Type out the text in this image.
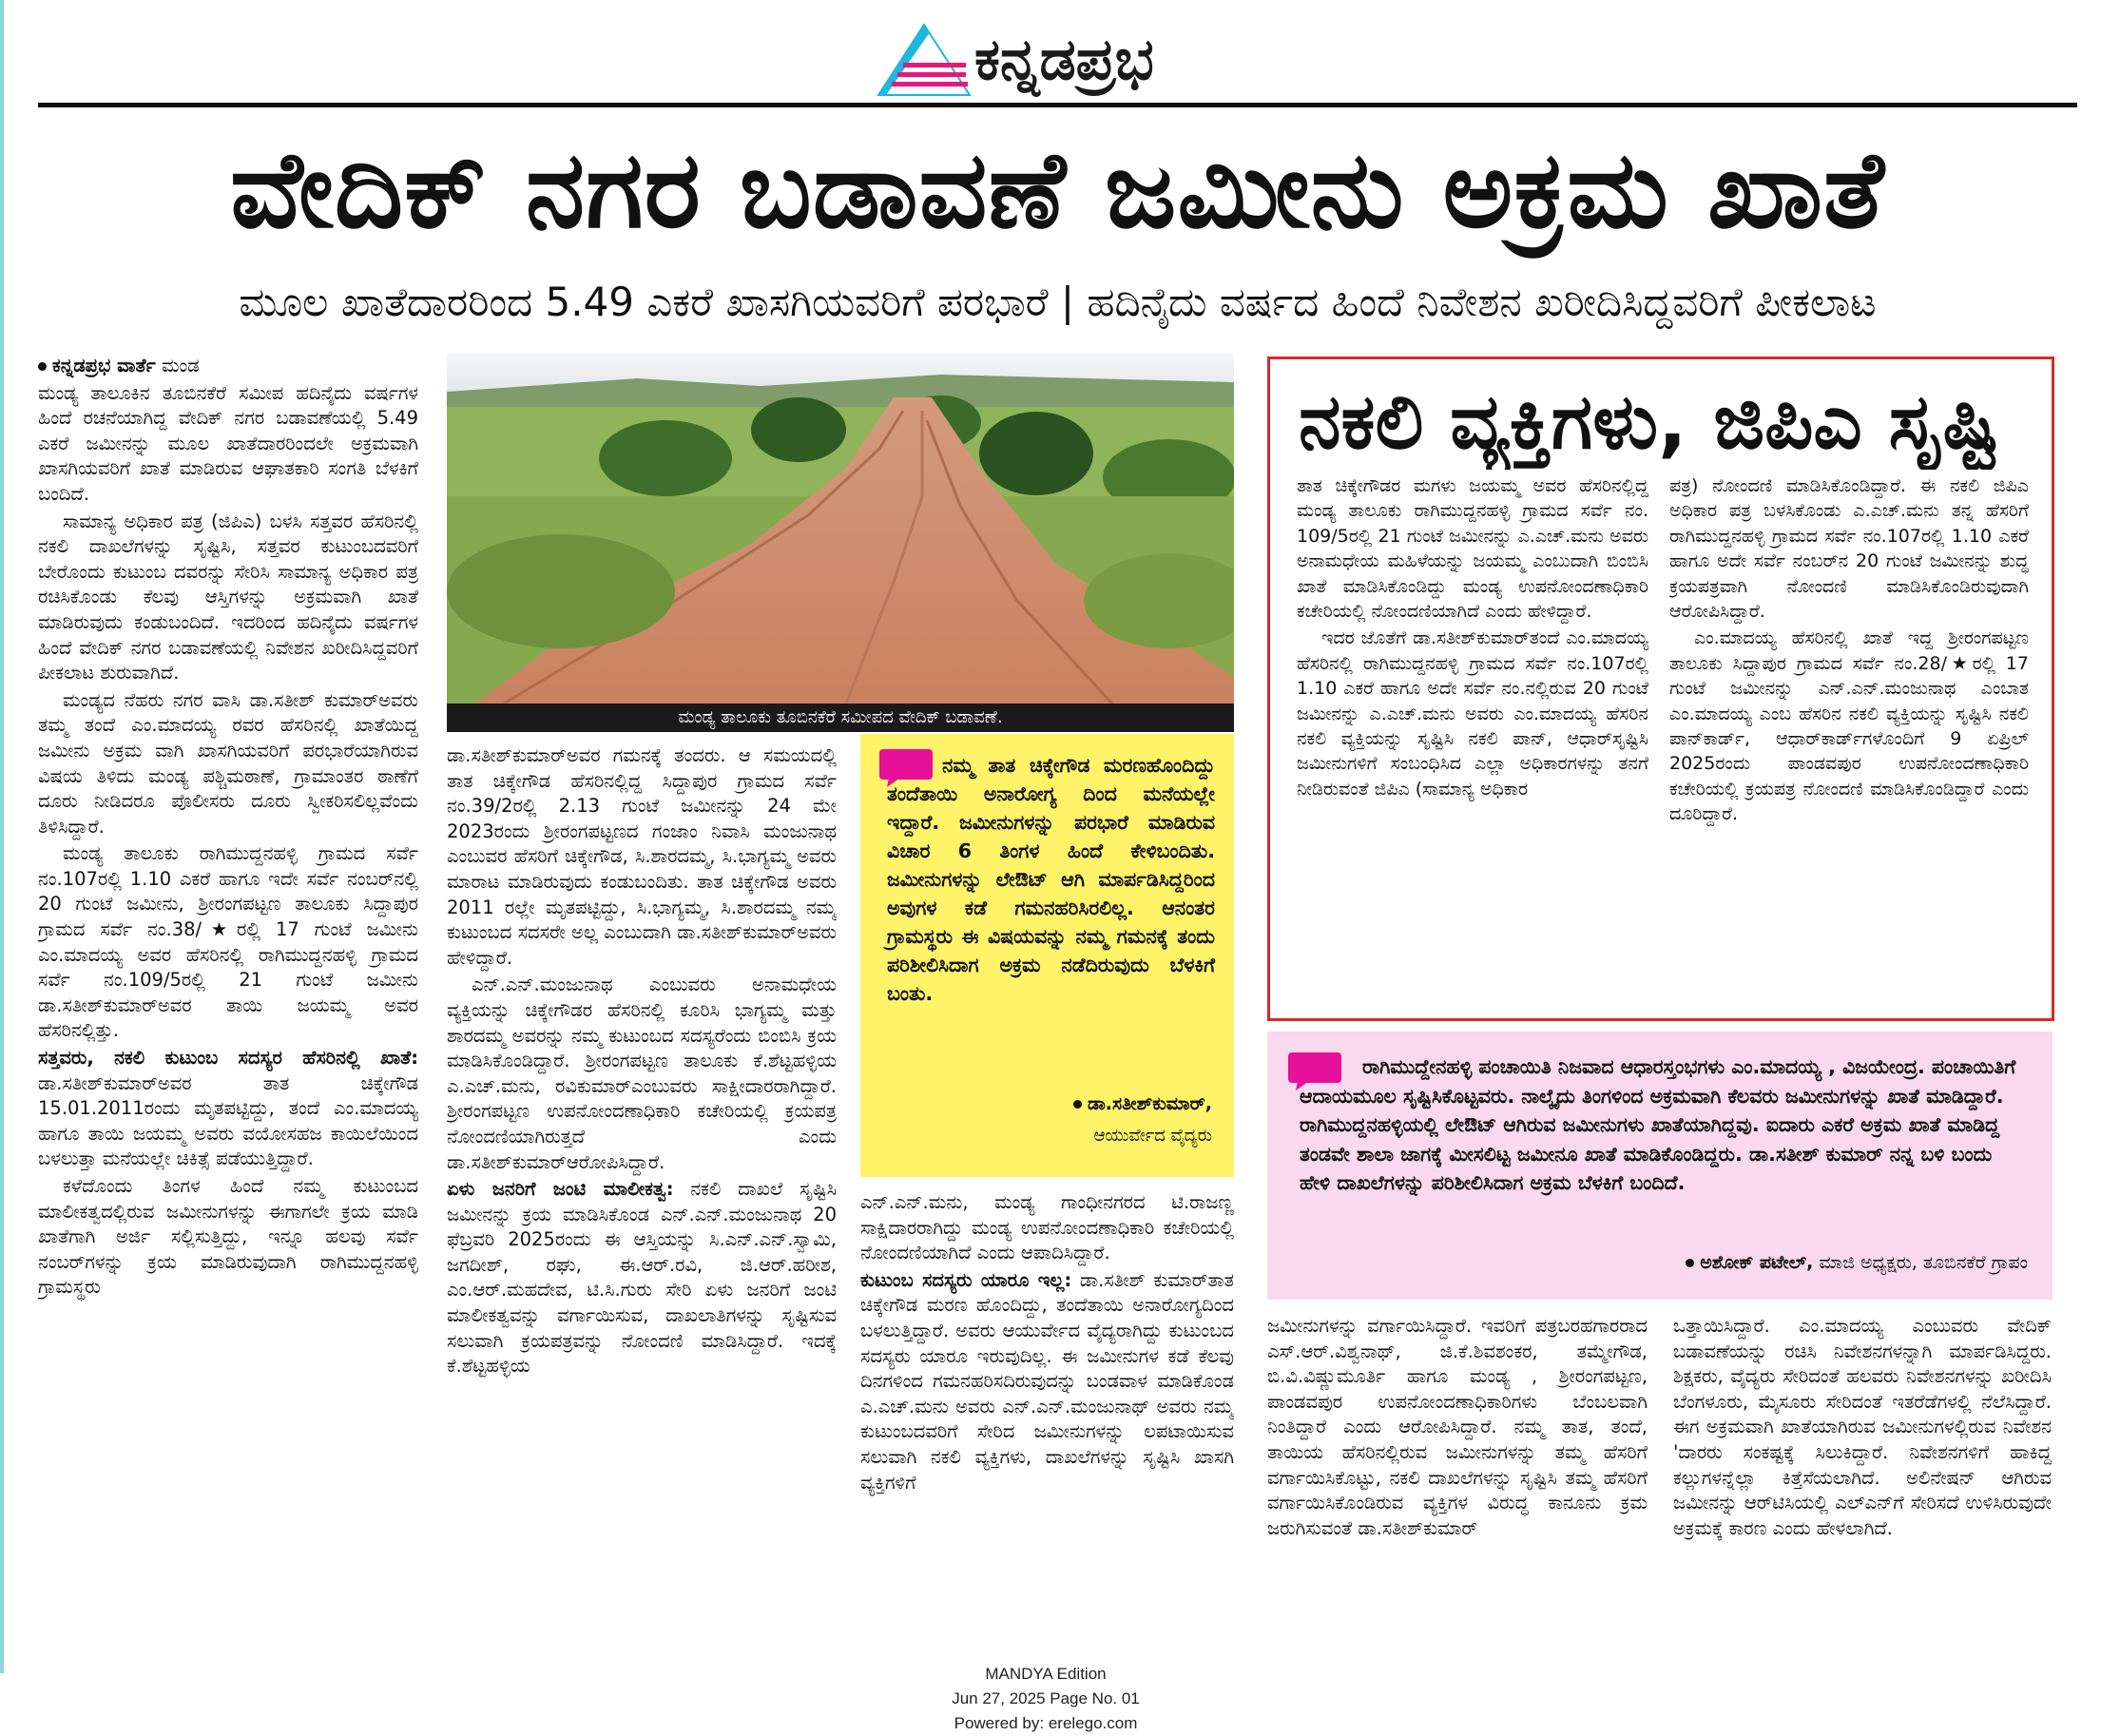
ಕನ್ನಡಪ್ರಭ
ವೇದಿಕ್ ನಗರ ಬಡಾವಣೆ ಜಮೀನು ಅಕ್ರಮ ಖಾತೆ
ಮೂಲ ಖಾತೆದಾರರಿಂದ 5.49 ಎಕರೆ ಖಾಸಗಿಯವರಿಗೆ ಪರಭಾರೆ | ಹದಿನೈದು ವರ್ಷದ ಹಿಂದೆ ನಿವೇಶನ ಖರೀದಿಸಿದ್ದವರಿಗೆ ಪೀಕಲಾಟ

ಕನ್ನಡಪ್ರಭ ವಾರ್ತೆ ಮಂಡ

ಮಂಡ್ಯ ತಾಲೂಕಿನ ತೂಬಿನಕೆರೆ ಸಮೀಪ ಹದಿನೈದು ವರ್ಷಗಳ ಹಿಂದೆ ರಚನೆಯಾಗಿದ್ದ ವೇದಿಕ್ ನಗರ ಬಡಾವಣೆಯಲ್ಲಿ 5.49 ಎಕರೆ ಜಮೀನನ್ನು ಮೂಲ ಖಾತೆದಾರರಿಂದಲೇ ಅಕ್ರಮವಾಗಿ ಖಾಸಗಿಯವರಿಗೆ ಖಾತೆ ಮಾಡಿರುವ ಆಘಾತಕಾರಿ ಸಂಗತಿ ಬೆಳಕಿಗೆ ಬಂದಿದೆ.

ಸಾಮಾನ್ಯ ಅಧಿಕಾರ ಪತ್ರ (ಜಿಪಿಎ) ಬಳಸಿ ಸತ್ತವರ ಹೆಸರಿನಲ್ಲಿ ನಕಲಿ ದಾಖಲೆಗಳನ್ನು ಸೃಷ್ಟಿಸಿ, ಸತ್ತವರ ಕುಟುಂಬದವರಿಗೆ ಬೇರೊಂದು ಕುಟುಂಬ ದವರನ್ನು ಸೇರಿಸಿ ಸಾಮಾನ್ಯ ಅಧಿಕಾರ ಪತ್ರ ರಚಿಸಿಕೊಂಡು ಕೆಲವು ಆಸ್ತಿಗಳನ್ನು ಅಕ್ರಮವಾಗಿ ಖಾತೆ ಮಾಡಿರುವುದು ಕಂಡುಬಂದಿದೆ. ಇದರಿಂದ ಹದಿನೈದು ವರ್ಷಗಳ ಹಿಂದೆ ವೇದಿಕ್ ನಗರ ಬಡಾವಣೆಯಲ್ಲಿ ನಿವೇಶನ ಖರೀದಿಸಿದ್ದವರಿಗೆ ಪೀಕಲಾಟ ಶುರುವಾಗಿದೆ.

ಮಂಡ್ಯದ ನೆಹರು ನಗರ ವಾಸಿ ಡಾ.ಸತೀಶ್ ಕುಮಾರ್‌ಅವರು ತಮ್ಮ ತಂದೆ ಎಂ.ಮಾದಯ್ಯ ರವರ ಹೆಸರಿನಲ್ಲಿ ಖಾತೆಯಿದ್ದ ಜಮೀನು ಅಕ್ರಮ ವಾಗಿ ಖಾಸಗಿಯವರಿಗೆ ಪರಭಾರೆಯಾಗಿರುವ ವಿಷಯ ತಿಳಿದು ಮಂಡ್ಯ ಪಶ್ಚಿಮಠಾಣೆ, ಗ್ರಾಮಾಂತರ ಠಾಣೆಗೆ ದೂರು ನೀಡಿದರೂ ಪೊಲೀಸರು ದೂರು ಸ್ವೀಕರಿಸಲಿಲ್ಲವೆಂದು ತಿಳಿಸಿದ್ದಾರೆ.

ಮಂಡ್ಯ ತಾಲೂಕು ರಾಗಿಮುದ್ದನಹಳ್ಳಿ ಗ್ರಾಮದ ಸರ್ವೆ ನಂ.107ರಲ್ಲಿ 1.10 ಎಕರೆ ಹಾಗೂ ಇದೇ ಸರ್ವೆ ನಂಬರ್‌ನಲ್ಲಿ 20 ಗುಂಟೆ ಜಮೀನು, ಶ್ರೀರಂಗಪಟ್ಟಣ ತಾಲೂಕು ಸಿದ್ದಾಪುರ ಗ್ರಾಮದ ಸರ್ವೆ ನಂ.38/★ರಲ್ಲಿ 17 ಗುಂಟೆ ಜಮೀನು ಎಂ.ಮಾದಯ್ಯ ಅವರ ಹೆಸರಿನಲ್ಲಿ ರಾಗಿಮುದ್ದನಹಳ್ಳಿ ಗ್ರಾಮದ ಸರ್ವೆ ನಂ.109/5ರಲ್ಲಿ 21 ಗುಂಟೆ ಜಮೀನು ಡಾ.ಸತೀಶ್‌ಕುಮಾರ್‌ಅವರ ತಾಯಿ ಜಯಮ್ಮ ಅವರ ಹೆಸರಿನಲ್ಲಿತ್ತು.

ಸತ್ತವರು, ನಕಲಿ ಕುಟುಂಬ ಸದಸ್ಯರ ಹೆಸರಿನಲ್ಲಿ ಖಾತೆ: ಡಾ.ಸತೀಶ್‌ಕುಮಾರ್‌ಅವರ ತಾತ ಚಿಕ್ಕೇಗೌಡ 15.01.2011ರಂದು ಮೃತಪಟ್ಟಿದ್ದು, ತಂದೆ ಎಂ.ಮಾದಯ್ಯ ಹಾಗೂ ತಾಯಿ ಜಯಮ್ಮ ಅವರು ವಯೋಸಹಜ ಕಾಯಿಲೆಯಿಂದ ಬಳಲುತ್ತಾ ಮನೆಯಲ್ಲೇ ಚಿಕಿತ್ಸೆ ಪಡೆಯುತ್ತಿದ್ದಾರೆ.

ಕಳೆದೊಂದು ತಿಂಗಳ ಹಿಂದೆ ನಮ್ಮ ಕುಟುಂಬದ ಮಾಲೀಕತ್ವದಲ್ಲಿರುವ ಜಮೀನುಗಳನ್ನು ಈಗಾಗಲೇ ಕ್ರಯ ಮಾಡಿ ಖಾತೆಗಾಗಿ ಅರ್ಜಿ ಸಲ್ಲಿಸುತ್ತಿದ್ದು, ಇನ್ನೂ ಹಲವು ಸರ್ವೆ ನಂಬರ್‌ಗಳನ್ನು ಕ್ರಯ ಮಾಡಿರುವುದಾಗಿ ರಾಗಿಮುದ್ದನಹಳ್ಳಿ ಗ್ರಾಮಸ್ಥರು

ಮಂಡ್ಯ ತಾಲೂಕು ತೂಬಿನಕೆರೆ ಸಮೀಪದ ವೇದಿಕ್ ಬಡಾವಣೆ.

ಡಾ.ಸತೀಶ್‌ಕುಮಾರ್‌ಅವರ ಗಮನಕ್ಕೆ ತಂದರು. ಆ ಸಮಯದಲ್ಲಿ ತಾತ ಚಿಕ್ಕೇಗೌಡ ಹೆಸರಿನಲ್ಲಿದ್ದ ಸಿದ್ದಾಪುರ ಗ್ರಾಮದ ಸರ್ವೆ ನಂ.39/2ರಲ್ಲಿ 2.13 ಗುಂಟೆ ಜಮೀನನ್ನು 24 ಮೇ 2023ರಂದು ಶ್ರೀರಂಗಪಟ್ಟಣದ ಗಂಜಾಂ ನಿವಾಸಿ ಮಂಜುನಾಥ ಎಂಬುವರ ಹೆಸರಿಗೆ ಚಿಕ್ಕೇಗೌಡ, ಸಿ.ಶಾರದಮ್ಮ, ಸಿ.ಭಾಗ್ಯಮ್ಮ ಅವರು ಮಾರಾಟ ಮಾಡಿರುವುದು ಕಂಡುಬಂದಿತು. ತಾತ ಚಿಕ್ಕೇಗೌಡ ಅವರು 2011 ರಲ್ಲೇ ಮೃತಪಟ್ಟಿದ್ದು, ಸಿ.ಭಾಗ್ಯಮ್ಮ, ಸಿ.ಶಾರದಮ್ಮ ನಮ್ಮ ಕುಟುಂಬದ ಸದಸರೇ ಅಲ್ಲ ಎಂಬುದಾಗಿ ಡಾ.ಸತೀಶ್‌ಕುಮಾರ್‌ಅವರು ಹೇಳಿದ್ದಾರೆ.

ಎನ್.ಎನ್.ಮಂಜುನಾಥ ಎಂಬುವರು ಅನಾಮಧೇಯ ವ್ಯಕ್ತಿಯನ್ನು ಚಿಕ್ಕೇಗೌಡರ ಹೆಸರಿನಲ್ಲಿ ಕೂರಿಸಿ ಭಾಗ್ಯಮ್ಮ ಮತ್ತು ಶಾರದಮ್ಮ ಅವರನ್ನು ನಮ್ಮ ಕುಟುಂಬದ ಸದಸ್ಯರೆಂದು ಬಿಂಬಿಸಿ ಕ್ರಯ ಮಾಡಿಸಿಕೊಂಡಿದ್ದಾರೆ. ಶ್ರೀರಂಗಪಟ್ಟಣ ತಾಲೂಕು ಕೆ.ಶೆಟ್ಟಹಳ್ಳಿಯ ಎ.ಎಚ್.ಮನು, ರವಿಕುಮಾರ್‌ಎಂಬುವರು ಸಾಕ್ಷೀದಾರರಾಗಿದ್ದಾರೆ. ಶ್ರೀರಂಗಪಟ್ಟಣ ಉಪನೋಂದಣಾಧಿಕಾರಿ ಕಚೇರಿಯಲ್ಲಿ ಕ್ರಯಪತ್ರ ನೋಂದಣಿಯಾಗಿರುತ್ತದೆ ಎಂದು ಡಾ.ಸತೀಶ್‌ಕುಮಾರ್‌ಆರೋಪಿಸಿದ್ದಾರೆ.

ಏಳು ಜನರಿಗೆ ಜಂಟಿ ಮಾಲೀಕತ್ವ: ನಕಲಿ ದಾಖಲೆ ಸೃಷ್ಟಿಸಿ ಜಮೀನನ್ನು ಕ್ರಯ ಮಾಡಿಸಿಕೊಂಡ ಎನ್.ಎನ್.ಮಂಜುನಾಥ 20 ಫೆಬ್ರವರಿ 2025ರಂದು ಈ ಆಸ್ತಿಯನ್ನು ಸಿ.ಎನ್.ಎನ್.ಸ್ವಾಮಿ, ಜಗದೀಶ್, ರಘು, ಈ.ಆರ್.ರವಿ, ಜಿ.ಆರ್.ಹರೀಶ, ಎಂ.ಆರ್.ಮಹದೇವ, ಟಿ.ಸಿ.ಗುರು ಸೇರಿ ಏಳು ಜನರಿಗೆ ಜಂಟಿ ಮಾಲೀಕತ್ವವನ್ನು ವರ್ಗಾಯಿಸುವ, ದಾಖಲಾತಿಗಳನ್ನು ಸೃಷ್ಟಿಸುವ ಸಲುವಾಗಿ ಕ್ರಯಪತ್ರವನ್ನು ನೋಂದಣಿ ಮಾಡಿಸಿದ್ದಾರೆ. ಇದಕ್ಕೆ ಕೆ.ಶೆಟ್ಟಹಳ್ಳಿಯ

ನಮ್ಮ ತಾತ ಚಿಕ್ಕೇಗೌಡ ಮರಣಹೊಂದಿದ್ದು ತಂದೆತಾಯಿ ಅನಾರೋಗ್ಯ ದಿಂದ ಮನೆಯಲ್ಲೇ ಇದ್ದಾರೆ. ಜಮೀನುಗಳನ್ನು ಪರಭಾರೆ ಮಾಡಿರುವ ವಿಚಾರ 6 ತಿಂಗಳ ಹಿಂದೆ ಕೇಳಿಬಂದಿತು. ಜಮೀನುಗಳನ್ನು ಲೇಔಟ್ ಆಗಿ ಮಾರ್ಪಡಿಸಿದ್ದರಿಂದ ಅವುಗಳ ಕಡೆ ಗಮನಹರಿಸಿರಲಿಲ್ಲ. ಆನಂತರ ಗ್ರಾಮಸ್ಥರು ಈ ವಿಷಯವನ್ನು ನಮ್ಮ ಗಮನಕ್ಕೆ ತಂದು ಪರಿಶೀಲಿಸಿದಾಗ ಅಕ್ರಮ ನಡೆದಿರುವುದು ಬೆಳಕಿಗೆ ಬಂತು.
ಡಾ.ಸತೀಶ್‌ಕುಮಾರ್,
ಆಯುರ್ವೇದ ವೈದ್ಯರು

ಎನ್.ಎನ್.ಮನು, ಮಂಡ್ಯ ಗಾಂಧೀನಗರದ ಟಿ.ರಾಜಣ್ಣ ಸಾಕ್ಷಿದಾರರಾಗಿದ್ದು ಮಂಡ್ಯ ಉಪನೋಂದಣಾಧಿಕಾರಿ ಕಚೇರಿಯಲ್ಲಿ ನೋಂದಣಿಯಾಗಿದೆ ಎಂದು ಆಪಾದಿಸಿದ್ದಾರೆ.

ಕುಟುಂಬ ಸದಸ್ಯರು ಯಾರೂ ಇಲ್ಲ: ಡಾ.ಸತೀಶ್ ಕುಮಾರ್‌ತಾತ ಚಿಕ್ಕೇಗೌಡ ಮರಣ ಹೊಂದಿದ್ದು, ತಂದೆತಾಯಿ ಅನಾರೋಗ್ಯದಿಂದ ಬಳಲುತ್ತಿದ್ದಾರೆ. ಅವರು ಆಯುರ್ವೇದ ವೈದ್ಯರಾಗಿದ್ದು ಕುಟುಂಬದ ಸದಸ್ಯರು ಯಾರೂ ಇರುವುದಿಲ್ಲ. ಈ ಜಮೀನುಗಳ ಕಡೆ ಕೆಲವು ದಿನಗಳಿಂದ ಗಮನಹರಿಸದಿರುವುದನ್ನು ಬಂಡವಾಳ ಮಾಡಿಕೊಂಡ ಎ.ಎಚ್.ಮನು ಅವರು ಎನ್.ಎನ್.ಮಂಜುನಾಥ್ ಅವರು ನಮ್ಮ ಕುಟುಂಬದವರಿಗೆ ಸೇರಿದ ಜಮೀನುಗಳನ್ನು ಲಪಟಾಯಿಸುವ ಸಲುವಾಗಿ ನಕಲಿ ವ್ಯಕ್ತಿಗಳು, ದಾಖಲೆಗಳನ್ನು ಸೃಷ್ಟಿಸಿ ಖಾಸಗಿ ವ್ಯಕ್ತಿಗಳಿಗೆ

ನಕಲಿ ವ್ಯಕ್ತಿಗಳು, ಜಿಪಿಎ ಸೃಷ್ಟಿ

ತಾತ ಚಿಕ್ಕೇಗೌಡರ ಮಗಳು ಜಯಮ್ಮ ಅವರ ಹೆಸರಿನಲ್ಲಿದ್ದ ಮಂಡ್ಯ ತಾಲೂಕು ರಾಗಿಮುದ್ದನಹಳ್ಳಿ ಗ್ರಾಮದ ಸರ್ವೆ ನಂ. 109/5ರಲ್ಲಿ 21 ಗುಂಟೆ ಜಮೀನನ್ನು ಎ.ಎಚ್.ಮನು ಅವರು ಅನಾಮಧೇಯ ಮಹಿಳೆಯನ್ನು ಜಯಮ್ಮ ಎಂಬುದಾಗಿ ಬಿಂಬಿಸಿ ಖಾತೆ ಮಾಡಿಸಿಕೊಂಡಿದ್ದು ಮಂಡ್ಯ ಉಪನೋಂದಣಾಧಿಕಾರಿ ಕಚೇರಿಯಲ್ಲಿ ನೋಂದಣಿಯಾಗಿದೆ ಎಂದು ಹೇಳಿದ್ದಾರೆ.

ಇದರ ಜೊತೆಗೆ ಡಾ.ಸತೀಶ್‌ಕುಮಾರ್‌ತಂದೆ ಎಂ.ಮಾದಯ್ಯ ಹೆಸರಿನಲ್ಲಿ ರಾಗಿಮುದ್ದನಹಳ್ಳಿ ಗ್ರಾಮದ ಸರ್ವೆ ನಂ.107ರಲ್ಲಿ 1.10 ಎಕರೆ ಹಾಗೂ ಅದೇ ಸರ್ವೆ ನಂ.ನಲ್ಲಿರುವ 20 ಗುಂಟೆ ಜಮೀನನ್ನು ಎ.ಎಚ್.ಮನು ಅವರು ಎಂ.ಮಾದಯ್ಯ ಹೆಸರಿನ ನಕಲಿ ವ್ಯಕ್ತಿಯನ್ನು ಸೃಷ್ಟಿಸಿ ನಕಲಿ ಪಾನ್, ಆಧಾರ್‌ಸೃಷ್ಟಿಸಿ ಜಮೀನುಗಳಿಗೆ ಸಂಬಂಧಿಸಿದ ಎಲ್ಲಾ ಅಧಿಕಾರಗಳನ್ನು ತನಗೆ ನೀಡಿರುವಂತೆ ಜಿಪಿಎ (ಸಾಮಾನ್ಯ ಅಧಿಕಾರ

ಪತ್ರ) ನೋಂದಣಿ ಮಾಡಿಸಿಕೊಂಡಿದ್ದಾರೆ. ಈ ನಕಲಿ ಜಿಪಿಎ ಅಧಿಕಾರ ಪತ್ರ ಬಳಸಿಕೊಂಡು ಎ.ಎಚ್.ಮನು ತನ್ನ ಹೆಸರಿಗೆ ರಾಗಿಮುದ್ದನಹಳ್ಳಿ ಗ್ರಾಮದ ಸರ್ವೆ ನಂ.107ರಲ್ಲಿ 1.10 ಎಕರೆ ಹಾಗೂ ಅದೇ ಸರ್ವೆ ನಂಬರ್‌ನ 20 ಗುಂಟೆ ಜಮೀನನ್ನು ಶುದ್ಧ ಕ್ರಯಪತ್ರವಾಗಿ ನೋಂದಣಿ ಮಾಡಿಸಿಕೊಂಡಿರುವುದಾಗಿ ಆರೋಪಿಸಿದ್ದಾರೆ.

ಎಂ.ಮಾದಯ್ಯ ಹೆಸರಿನಲ್ಲಿ ಖಾತೆ ಇದ್ದ ಶ್ರೀರಂಗಪಟ್ಟಣ ತಾಲೂಕು ಸಿದ್ದಾಪುರ ಗ್ರಾಮದ ಸರ್ವೆ ನಂ.28/★ರಲ್ಲಿ 17 ಗುಂಟೆ ಜಮೀನನ್ನು ಎನ್.ಎನ್.ಮಂಜುನಾಥ ಎಂಬಾತ ಎಂ.ಮಾದಯ್ಯ ಎಂಬ ಹೆಸರಿನ ನಕಲಿ ವ್ಯಕ್ತಿಯನ್ನು ಸೃಷ್ಟಿಸಿ ನಕಲಿ ಪಾನ್‌ಕಾರ್ಡ್, ಆಧಾರ್‌ಕಾರ್ಡ್‌ಗಳೊಂದಿಗೆ 9 ಏಪ್ರಿಲ್ 2025ರಂದು ಪಾಂಡವಪುರ ಉಪನೋಂದಣಾಧಿಕಾರಿ ಕಚೇರಿಯಲ್ಲಿ ಕ್ರಯಪತ್ರ ನೋಂದಣಿ ಮಾಡಿಸಿಕೊಂಡಿದ್ದಾರೆ ಎಂದು ದೂರಿದ್ದಾರೆ.

ರಾಗಿಮುದ್ದೇನಹಳ್ಳಿ ಪಂಚಾಯಿತಿ ನಿಜವಾದ ಆಧಾರಸ್ತಂಭಗಳು ಎಂ.ಮಾದಯ್ಯ , ವಿಜಯೇಂದ್ರ. ಪಂಚಾಯಿತಿಗೆ ಆದಾಯಮೂಲ ಸೃಷ್ಟಿಸಿಕೊಟ್ಟವರು. ನಾಲ್ಕೈದು ತಿಂಗಳಿಂದ ಅಕ್ರಮವಾಗಿ ಕೆಲವರು ಜಮೀನುಗಳನ್ನು ಖಾತೆ ಮಾಡಿದ್ದಾರೆ. ರಾಗಿಮುದ್ದನಹಳ್ಳಿಯಲ್ಲಿ ಲೇಔಟ್ ಆಗಿರುವ ಜಮೀನುಗಳು ಖಾತೆಯಾಗಿದ್ದವು. ಐದಾರು ಎಕರೆ ಅಕ್ರಮ ಖಾತೆ ಮಾಡಿದ್ದ ತಂಡವೇ ಶಾಲಾ ಜಾಗಕ್ಕೆ ಮೀಸಲಿಟ್ಟ ಜಮೀನೂ ಖಾತೆ ಮಾಡಿಕೊಂಡಿದ್ದರು. ಡಾ.ಸತೀಶ್ ಕುಮಾರ್ ನನ್ನ ಬಳಿ ಬಂದು ಹೇಳಿ ದಾಖಲೆಗಳನ್ನು ಪರಿಶೀಲಿಸಿದಾಗ ಅಕ್ರಮ ಬೆಳಕಿಗೆ ಬಂದಿದೆ.
ಅಶೋಕ್ ಪಟೇಲ್, ಮಾಜಿ ಅಧ್ಯಕ್ಷರು, ತೂಬಿನಕೆರೆ ಗ್ರಾಪಂ

ಜಮೀನುಗಳನ್ನು ವರ್ಗಾಯಿಸಿದ್ದಾರೆ. ಇವರಿಗೆ ಪತ್ರಬರಹಗಾರರಾದ ಎಸ್.ಆರ್.ವಿಶ್ವನಾಥ್, ಜಿ.ಕೆ.ಶಿವಶಂಕರ, ತಮ್ಮೇಗೌಡ, ಬಿ.ವಿ.ವಿಷ್ಣುಮೂರ್ತಿ ಹಾಗೂ ಮಂಡ್ಯ , ಶ್ರೀರಂಗಪಟ್ಟಣ, ಪಾಂಡವಪುರ ಉಪನೋಂದಣಾಧಿಕಾರಿಗಳು ಬೆಂಬಲವಾಗಿ ನಿಂತಿದ್ದಾರೆ ಎಂದು ಆರೋಪಿಸಿದ್ದಾರೆ. ನಮ್ಮ ತಾತ, ತಂದೆ, ತಾಯಿಯ ಹೆಸರಿನಲ್ಲಿರುವ ಜಮೀನುಗಳನ್ನು ತಮ್ಮ ಹೆಸರಿಗೆ ವರ್ಗಾಯಿಸಿಕೊಟ್ಟು, ನಕಲಿ ದಾಖಲೆಗಳನ್ನು ಸೃಷ್ಟಿಸಿ ತಮ್ಮ ಹೆಸರಿಗೆ ವರ್ಗಾಯಿಸಿಕೊಂಡಿರುವ ವ್ಯಕ್ತಿಗಳ ವಿರುದ್ಧ ಕಾನೂನು ಕ್ರಮ ಜರುಗಿಸುವಂತೆ ಡಾ.ಸತೀಶ್‌ಕುಮಾರ್

ಒತ್ತಾಯಿಸಿದ್ದಾರೆ. ಎಂ.ಮಾದಯ್ಯ ಎಂಬುವರು ವೇದಿಕ್ ಬಡಾವಣೆಯನ್ನು ರಚಿಸಿ ನಿವೇಶನಗಳನ್ನಾಗಿ ಮಾರ್ಪಡಿಸಿದ್ದರು. ಶಿಕ್ಷಕರು, ವೈದ್ಯರು ಸೇರಿದಂತೆ ಹಲವರು ನಿವೇಶನಗಳನ್ನು ಖರೀದಿಸಿ ಬೆಂಗಳೂರು, ಮೈಸೂರು ಸೇರಿದಂತೆ ಇತರೆಡೆಗಳಲ್ಲಿ ನೆಲೆಸಿದ್ದಾರೆ. ಈಗ ಅಕ್ರಮವಾಗಿ ಖಾತೆಯಾಗಿರುವ ಜಮೀನುಗಳಲ್ಲಿರುವ ನಿವೇಶನ 'ದಾರರು ಸಂಕಷ್ಟಕ್ಕೆ ಸಿಲುಕಿದ್ದಾರೆ. ನಿವೇಶನಗಳಿಗೆ ಹಾಕಿದ್ದ ಕಲ್ಲುಗಳನ್ನೆಲ್ಲಾ ಕಿತ್ತೆಸೆಯಲಾಗಿದೆ. ಅಲಿನೇಷನ್ ಆಗಿರುವ ಜಮೀನನ್ನು ಆರ್‌ಟಿಸಿಯಲ್ಲಿ ಎಲ್‌ಎನ್‌ಗೆ ಸೇರಿಸದೆ ಉಳಿಸಿರುವುದೇ ಅಕ್ರಮಕ್ಕೆ ಕಾರಣ ಎಂದು ಹೇಳಲಾಗಿದೆ.

MANDYA Edition
Jun 27, 2025 Page No. 01
Powered by: erelego.com
